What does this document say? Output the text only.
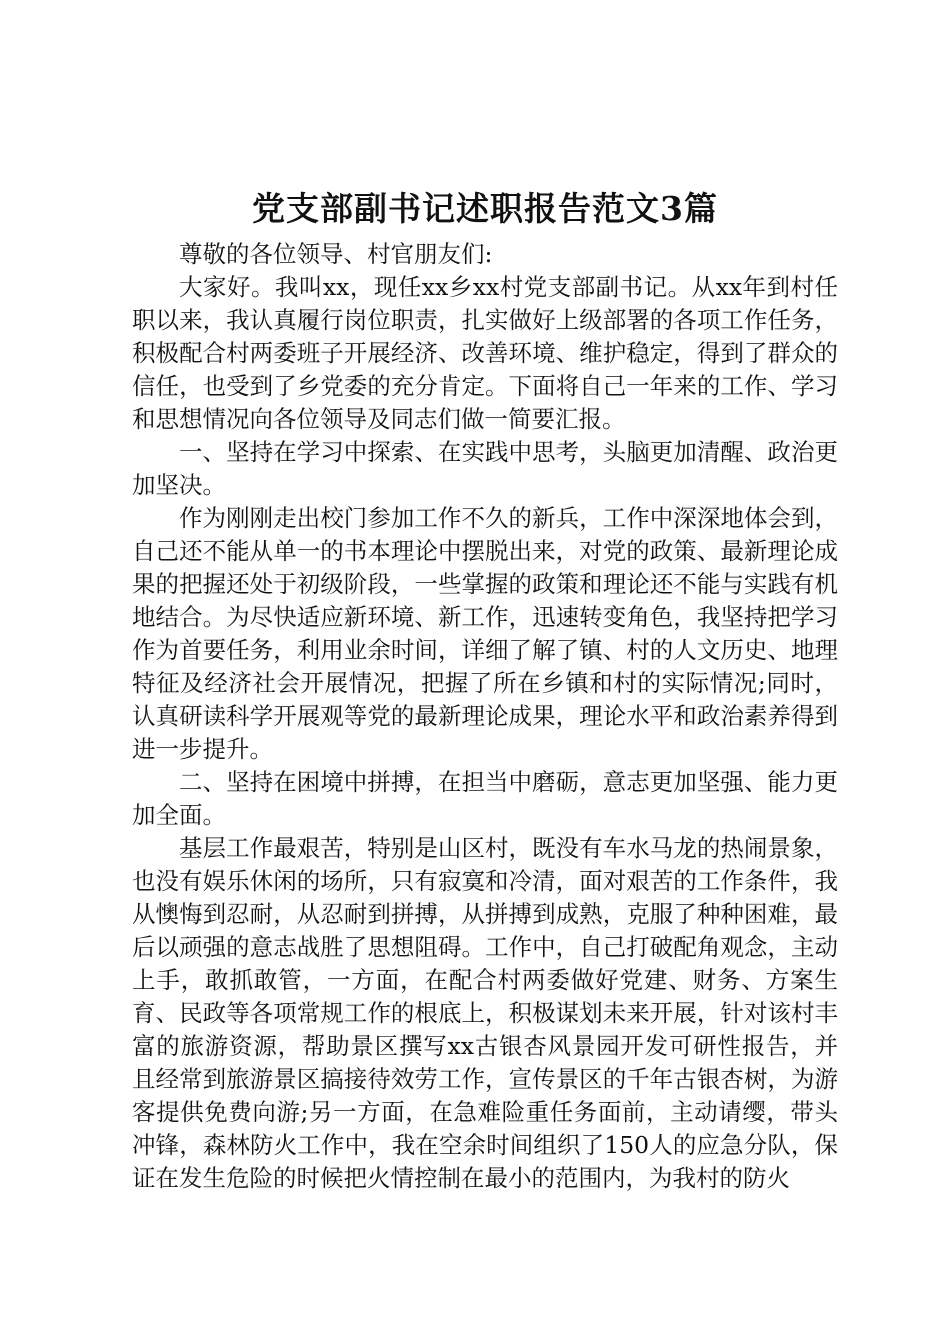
党支部副书记述职报告范文3篇

尊敬的各位领导、村官朋友们:

大家好。我叫xx，现任xx乡xx村党支部副书记。从xx年到村任职以来，我认真履行岗位职责，扎实做好上级部署的各项工作任务，积极配合村两委班子开展经济、改善环境、维护稳定，得到了群众的信任，也受到了乡党委的充分肯定。下面将自己一年来的工作、学习和思想情况向各位领导及同志们做一简要汇报。

一、坚持在学习中探索、在实践中思考，头脑更加清醒、政治更加坚决。

作为刚刚走出校门参加工作不久的新兵，工作中深深地体会到，自己还不能从单一的书本理论中摆脱出来，对党的政策、最新理论成果的把握还处于初级阶段，一些掌握的政策和理论还不能与实践有机地结合。为尽快适应新环境、新工作，迅速转变角色，我坚持把学习作为首要任务，利用业余时间，详细了解了镇、村的人文历史、地理特征及经济社会开展情况，把握了所在乡镇和村的实际情况;同时，认真研读科学开展观等党的最新理论成果，理论水平和政治素养得到进一步提升。

二、坚持在困境中拼搏，在担当中磨砺，意志更加坚强、能力更加全面。

基层工作最艰苦，特别是山区村，既没有车水马龙的热闹景象，也没有娱乐休闲的场所，只有寂寞和冷清，面对艰苦的工作条件，我从懊悔到忍耐，从忍耐到拼搏，从拼搏到成熟，克服了种种困难，最后以顽强的意志战胜了思想阻碍。工作中，自己打破配角观念，主动上手，敢抓敢管，一方面，在配合村两委做好党建、财务、方案生育、民政等各项常规工作的根底上，积极谋划未来开展，针对该村丰富的旅游资源，帮助景区撰写xx古银杏风景园开发可研性报告，并且经常到旅游景区搞接待效劳工作，宣传景区的千年古银杏树，为游客提供免费向游;另一方面，在急难险重任务面前，主动请缨，带头冲锋，森林防火工作中，我在空余时间组织了150人的应急分队，保证在发生危险的时候把火情控制在最小的范围内，为我村的防火
